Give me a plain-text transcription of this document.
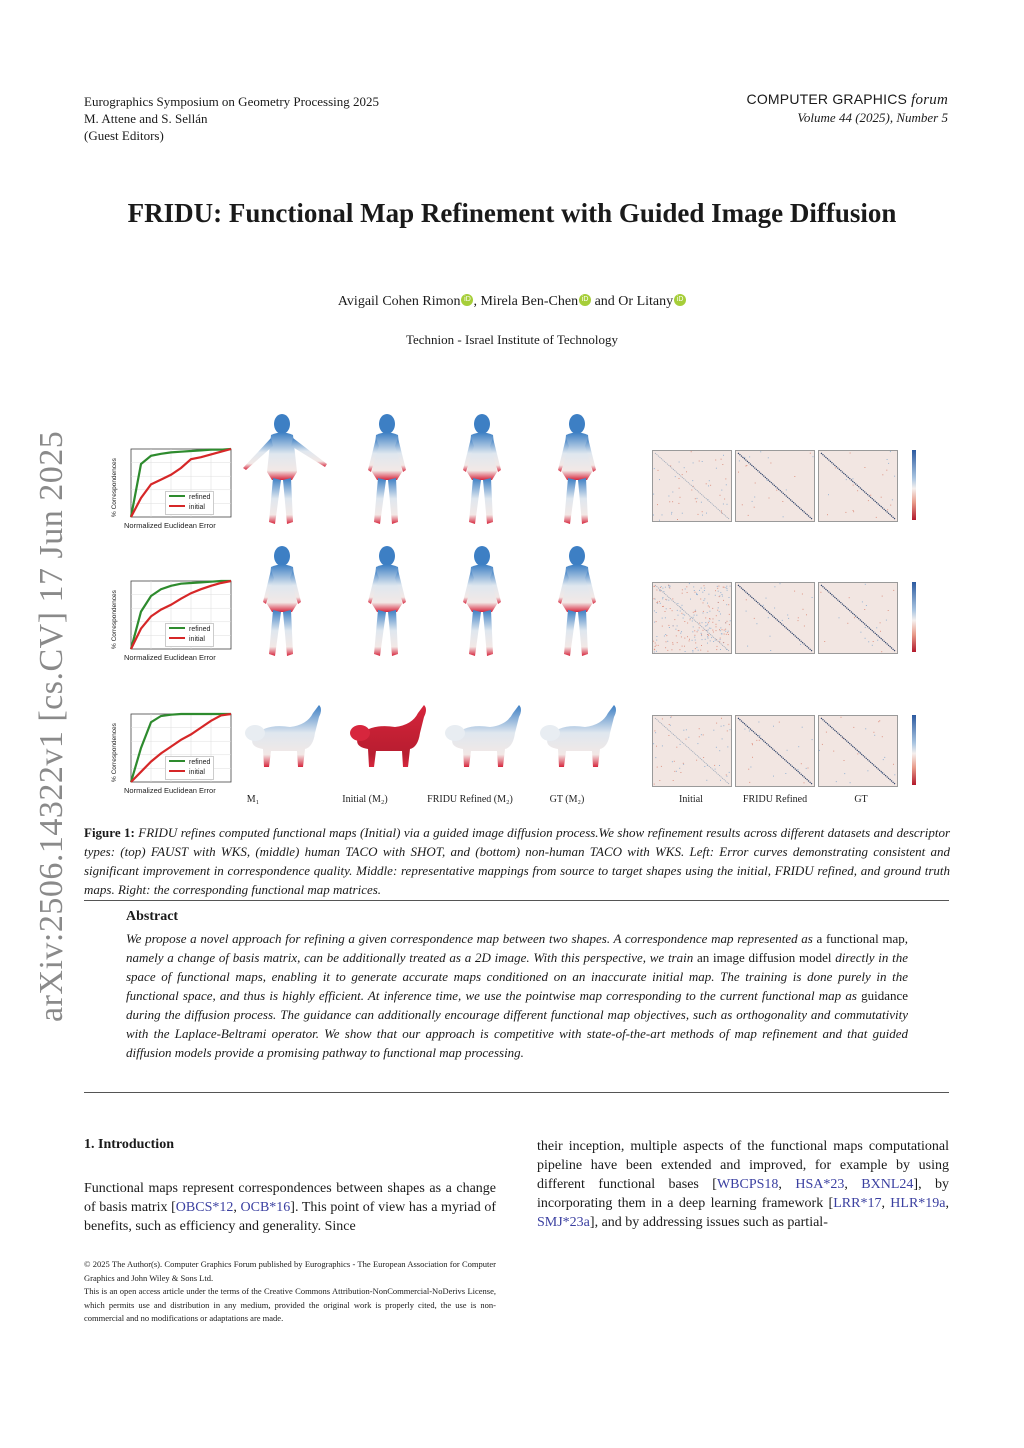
Eurographics Symposium on Geometry Processing 2025
M. Attene and S. Sellán
(Guest Editors)
COMPUTER GRAPHICS forum
Volume 44 (2025), Number 5
FRIDU: Functional Map Refinement with Guided Image Diffusion
Avigail Cohen Rimon iD , Mirela Ben-Chen iD and Or Litany iD
Technion - Israel Institute of Technology
arXiv:2506.14322v1 [cs.CV] 17 Jun 2025	% Correspondences
Normalized Euclidean Error
refined
initial
% Correspondences
Normalized Euclidean Error
refined
initial
% Correspondences
Normalized Euclidean Error
refined
initial
M₁	Initial (M₂)	FRIDU Refined (M₂)	GT (M₂)	Initial	FRIDU Refined	GT
Figure 1: FRIDU refines computed functional maps (Initial) via a guided image diffusion process.We show refinement results across different datasets and descriptor types: (top) FAUST with WKS, (middle) human TACO with SHOT, and (bottom) non-human TACO with WKS. Left: Error curves demonstrating consistent and significant improvement in correspondence quality. Middle: representative mappings from source to target shapes using the initial, FRIDU refined, and ground truth maps. Right: the corresponding functional map matrices.
Abstract
We propose a novel approach for refining a given correspondence map between two shapes. A correspondence map represented as a functional map, namely a change of basis matrix, can be additionally treated as a 2D image. With this perspective, we train an image diffusion model directly in the space of functional maps, enabling it to generate accurate maps conditioned on an inaccurate initial map. The training is done purely in the functional space, and thus is highly efficient. At inference time, we use the pointwise map corresponding to the current functional map as guidance during the diffusion process. The guidance can additionally encourage different functional map objectives, such as orthogonality and commutativity with the Laplace-Beltrami operator. We show that our approach is competitive with state-of-the-art methods of map refinement and that guided diffusion models provide a promising pathway to functional map processing.
1. Introduction
Functional maps represent correspondences between shapes as a change of basis matrix [OBCS*12, OCB*16]. This point of view has a myriad of benefits, such as efficiency and generality. Since
their inception, multiple aspects of the functional maps computational pipeline have been extended and improved, for example by using different functional bases [WBCPS18, HSA*23, BXNL24], by incorporating them in a deep learning framework [LRR*17, HLR*19a, SMJ*23a], and by addressing issues such as partial-
© 2025 The Author(s). Computer Graphics Forum published by Eurographics - The European Association for Computer Graphics and John Wiley & Sons Ltd.
This is an open access article under the terms of the Creative Commons Attribution-NonCommercial-NoDerivs License, which permits use and distribution in any medium, provided the original work is properly cited, the use is non-commercial and no modifications or adaptations are made.
